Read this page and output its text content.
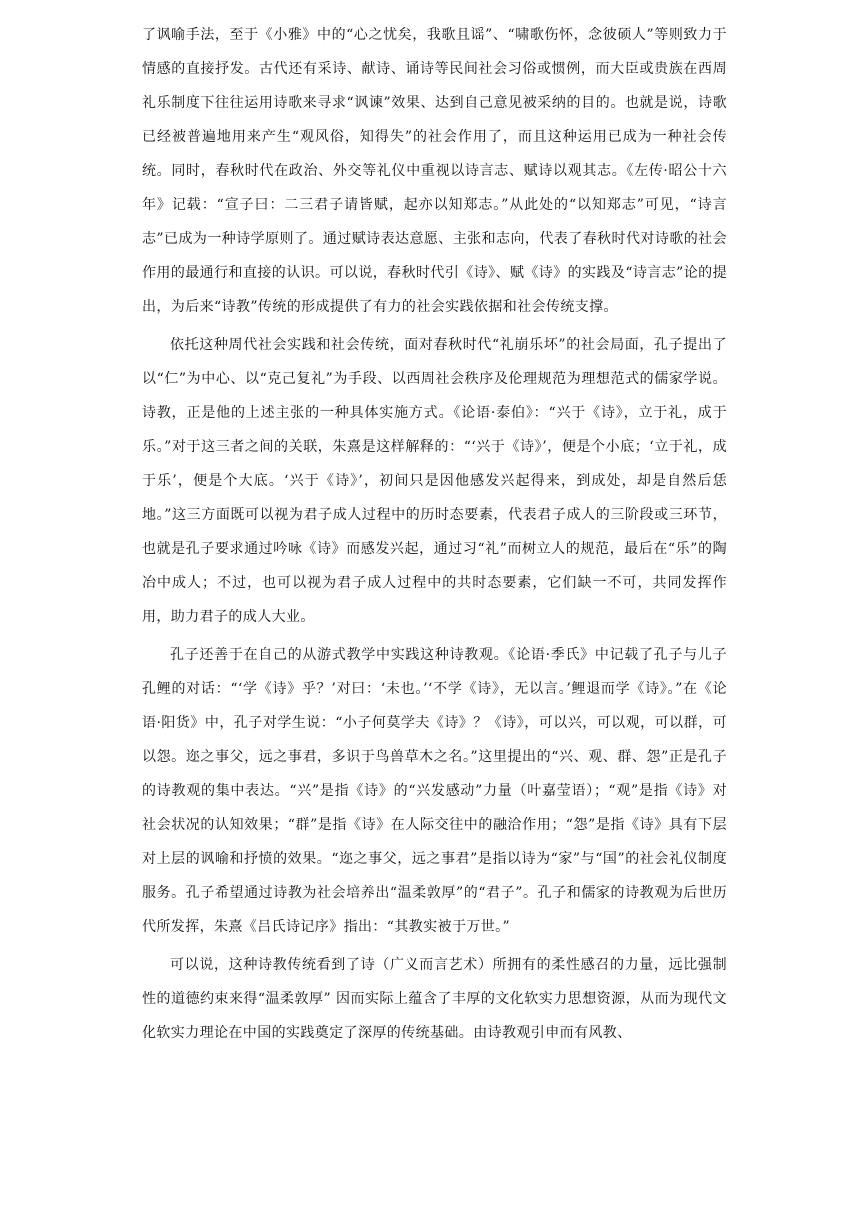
了讽喻手法，至于《小雅》中的“心之忧矣，我歌且谣”、“啸歌伤怀，念彼硕人”等则致力于情感的直接抒发。古代还有采诗、献诗、诵诗等民间社会习俗或惯例，而大臣或贵族在西周礼乐制度下往往运用诗歌来寻求“讽谏”效果、达到自己意见被采纳的目的。也就是说，诗歌已经被普遍地用来产生“观风俗，知得失”的社会作用了，而且这种运用已成为一种社会传统。同时，春秋时代在政治、外交等礼仪中重视以诗言志、赋诗以观其志。《左传·昭公十六年》记载：“宣子曰：二三君子请皆赋，起亦以知郑志。”从此处的“以知郑志”可见，“诗言志”已成为一种诗学原则了。通过赋诗表达意愿、主张和志向，代表了春秋时代对诗歌的社会作用的最通行和直接的认识。可以说，春秋时代引《诗》、赋《诗》的实践及“诗言志”论的提出，为后来“诗教”传统的形成提供了有力的社会实践依据和社会传统支撑。

依托这种周代社会实践和社会传统，面对春秋时代“礼崩乐坏”的社会局面，孔子提出了以“仁”为中心、以“克己复礼”为手段、以西周社会秩序及伦理规范为理想范式的儒家学说。诗教，正是他的上述主张的一种具体实施方式。《论语·泰伯》：“兴于《诗》，立于礼，成于乐。”对于这三者之间的关联，朱熹是这样解释的：“‘兴于《诗》’，便是个小底；‘立于礼，成于乐’，便是个大底。‘兴于《诗》’，初间只是因他感发兴起得来，到成处，却是自然后恁地。”这三方面既可以视为君子成人过程中的历时态要素，代表君子成人的三阶段或三环节，也就是孔子要求通过吟咏《诗》而感发兴起，通过习“礼”而树立人的规范，最后在“乐”的陶冶中成人；不过，也可以视为君子成人过程中的共时态要素，它们缺一不可，共同发挥作用，助力君子的成人大业。

孔子还善于在自己的从游式教学中实践这种诗教观。《论语·季氏》中记载了孔子与儿子孔鲤的对话：“‘学《诗》乎？’对曰：‘未也。’‘不学《诗》，无以言。’鲤退而学《诗》。”在《论语·阳货》中，孔子对学生说：“小子何莫学夫《诗》？《诗》，可以兴，可以观，可以群，可以怨。迩之事父，远之事君，多识于鸟兽草木之名。”这里提出的“兴、观、群、怨”正是孔子的诗教观的集中表达。“兴”是指《诗》的“兴发感动”力量（叶嘉莹语）；“观”是指《诗》对社会状况的认知效果；“群”是指《诗》在人际交往中的融洽作用；“怨”是指《诗》具有下层对上层的讽喻和抒愤的效果。“迩之事父，远之事君”是指以诗为“家”与“国”的社会礼仪制度服务。孔子希望通过诗教为社会培养出“温柔敦厚”的“君子”。孔子和儒家的诗教观为后世历代所发挥，朱熹《吕氏诗记序》指出：“其教实被于万世。”

可以说，这种诗教传统看到了诗（广义而言艺术）所拥有的柔性感召的力量，远比强制性的道德约束来得“温柔敦厚” 因而实际上蕴含了丰厚的文化软实力思想资源，从而为现代文化软实力理论在中国的实践奠定了深厚的传统基础。由诗教观引申而有风教、
